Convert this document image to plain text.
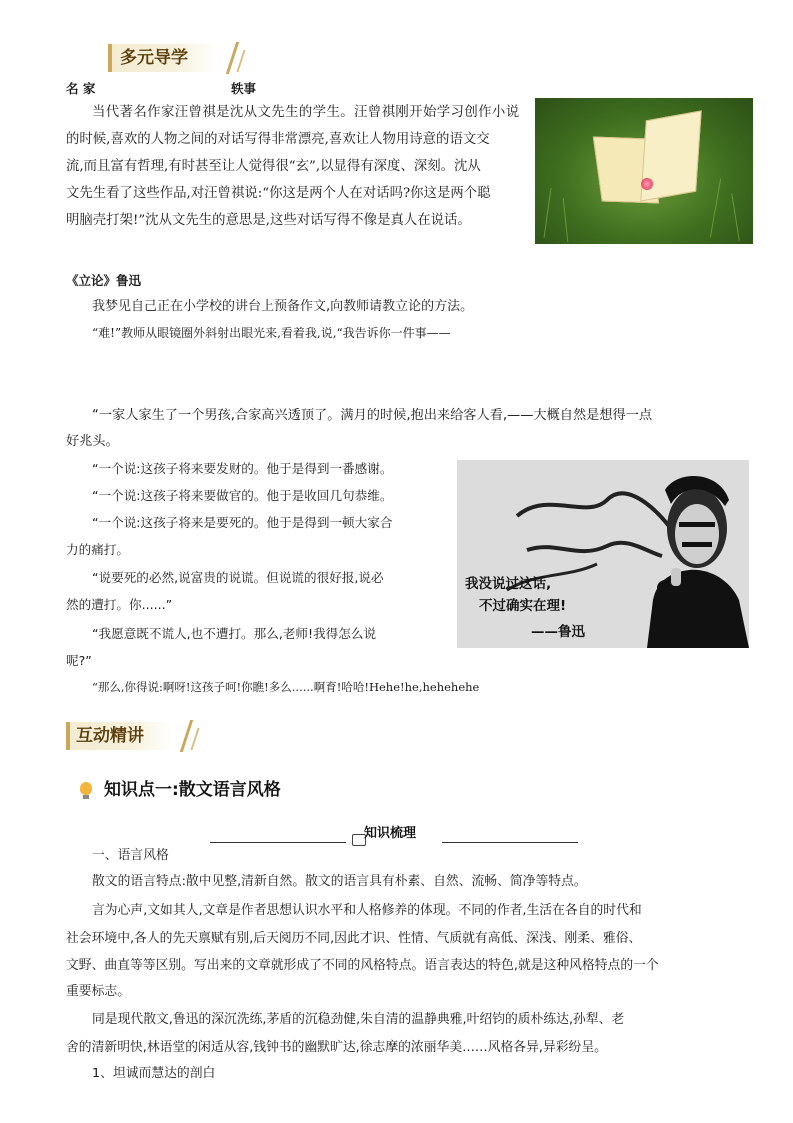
多元导学
名 家	轶事
当代著名作家汪曾祺是沈从文先生的学生。汪曾祺刚开始学习创作小说
的时候,喜欢的人物之间的对话写得非常漂亮,喜欢让人物用诗意的语文交
流,而且富有哲理,有时甚至让人觉得很“玄”,以显得有深度、深刻。沈从
文先生看了这些作品,对汪曾祺说:“你这是两个人在对话吗?你这是两个聪
明脑壳打架!”沈从文先生的意思是,这些对话写得不像是真人在说话。
《立论》鲁迅
我梦见自己正在小学校的讲台上预备作文,向教师请教立论的方法。
“难!”教师从眼镜圈外斜射出眼光来,看着我,说,“我告诉你一件事——
“一家人家生了一个男孩,合家高兴透顶了。满月的时候,抱出来给客人看,——大概自然是想得一点
好兆头。
“一个说:这孩子将来要发财的。他于是得到一番感谢。
“一个说:这孩子将来要做官的。他于是收回几句恭维。
“一个说:这孩子将来是要死的。他于是得到一顿大家合
力的痛打。
“说要死的必然,说富贵的说谎。但说谎的很好报,说必
然的遭打。你......”
“我愿意既不谎人,也不遭打。那么,老师!我得怎么说
呢?”
“那么,你得说:啊呀!这孩子呵!你瞧!多么......啊育!哈哈!Hehe!he,hehehehe
我没说过这话,
不过确实在理!
——鲁迅
互动精讲
知识点一:散文语言风格
知识梳理
一、语言风格
散文的语言特点:散中见整,清新自然。散文的语言具有朴素、自然、流畅、简净等特点。
言为心声,文如其人,文章是作者思想认识水平和人格修养的体现。不同的作者,生活在各自的时代和
社会环境中,各人的先天禀赋有别,后天阅历不同,因此才识、性情、气质就有高低、深浅、刚柔、雅俗、
文野、曲直等等区别。写出来的文章就形成了不同的风格特点。语言表达的特色,就是这种风格特点的一个
重要标志。
同是现代散文,鲁迅的深沉洗练,茅盾的沉稳劲健,朱自清的温静典雅,叶绍钧的质朴练达,孙犁、老
舍的清新明快,林语堂的闲适从容,钱钟书的幽默旷达,徐志摩的浓丽华美……风格各异,异彩纷呈。
1、坦诚而慧达的剖白
